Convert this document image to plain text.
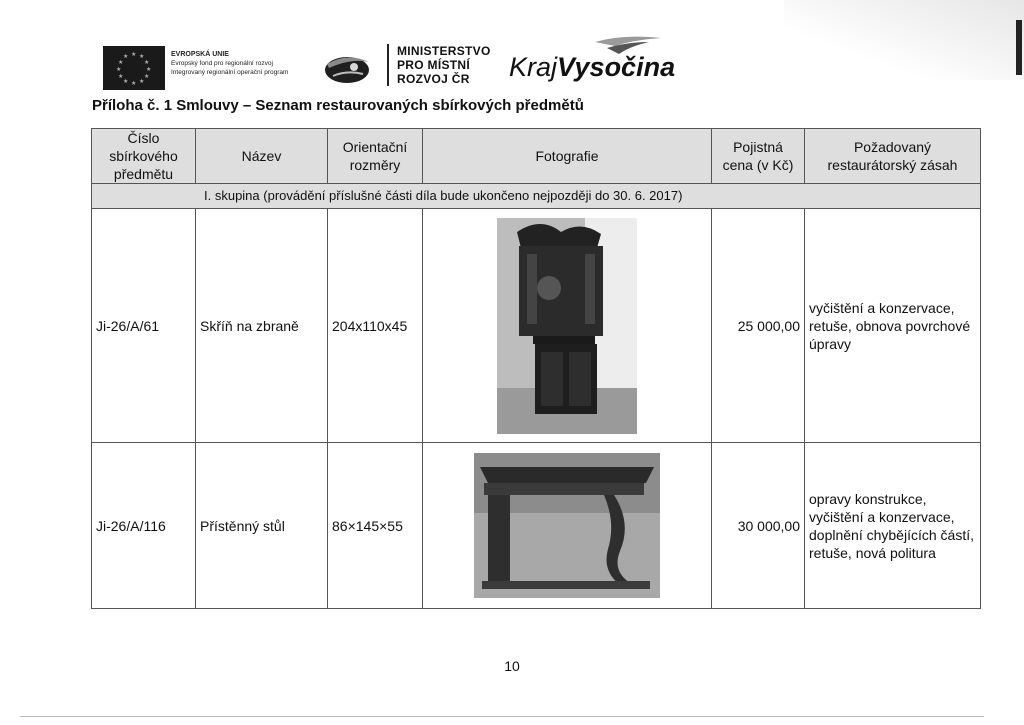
★ ★
★
★
★
★
★
★
★
★
★
★	EVROPSKÁ UNIE
Evropský fond pro regionální rozvoj
Integrovaný regionální operační program
MINISTERSTVO
PRO MÍSTNÍ
ROZVOJ ČR	KrajVysočina
Příloha č. 1 Smlouvy – Seznam restaurovaných sbírkových předmětů
Číslo sbírkového předmětu	Název	Orientační rozměry	Fotografie	Pojistná cena (v Kč)	Požadovaný restaurátorský zásah
I. skupina (provádění příslušné části díla bude ukončeno nejpozději do 30. 6. 2017)					
Ji-26/A/61	Skříň na zbraně	204x110x45		25 000,00	vyčištění a konzervace, retuše, obnova povrchové úpravy
Ji-26/A/116	Přístěnný stůl	86×145×55		30 000,00	opravy konstrukce, vyčištění a konzervace, doplnění chybějících částí, retuše, nová politura
10
